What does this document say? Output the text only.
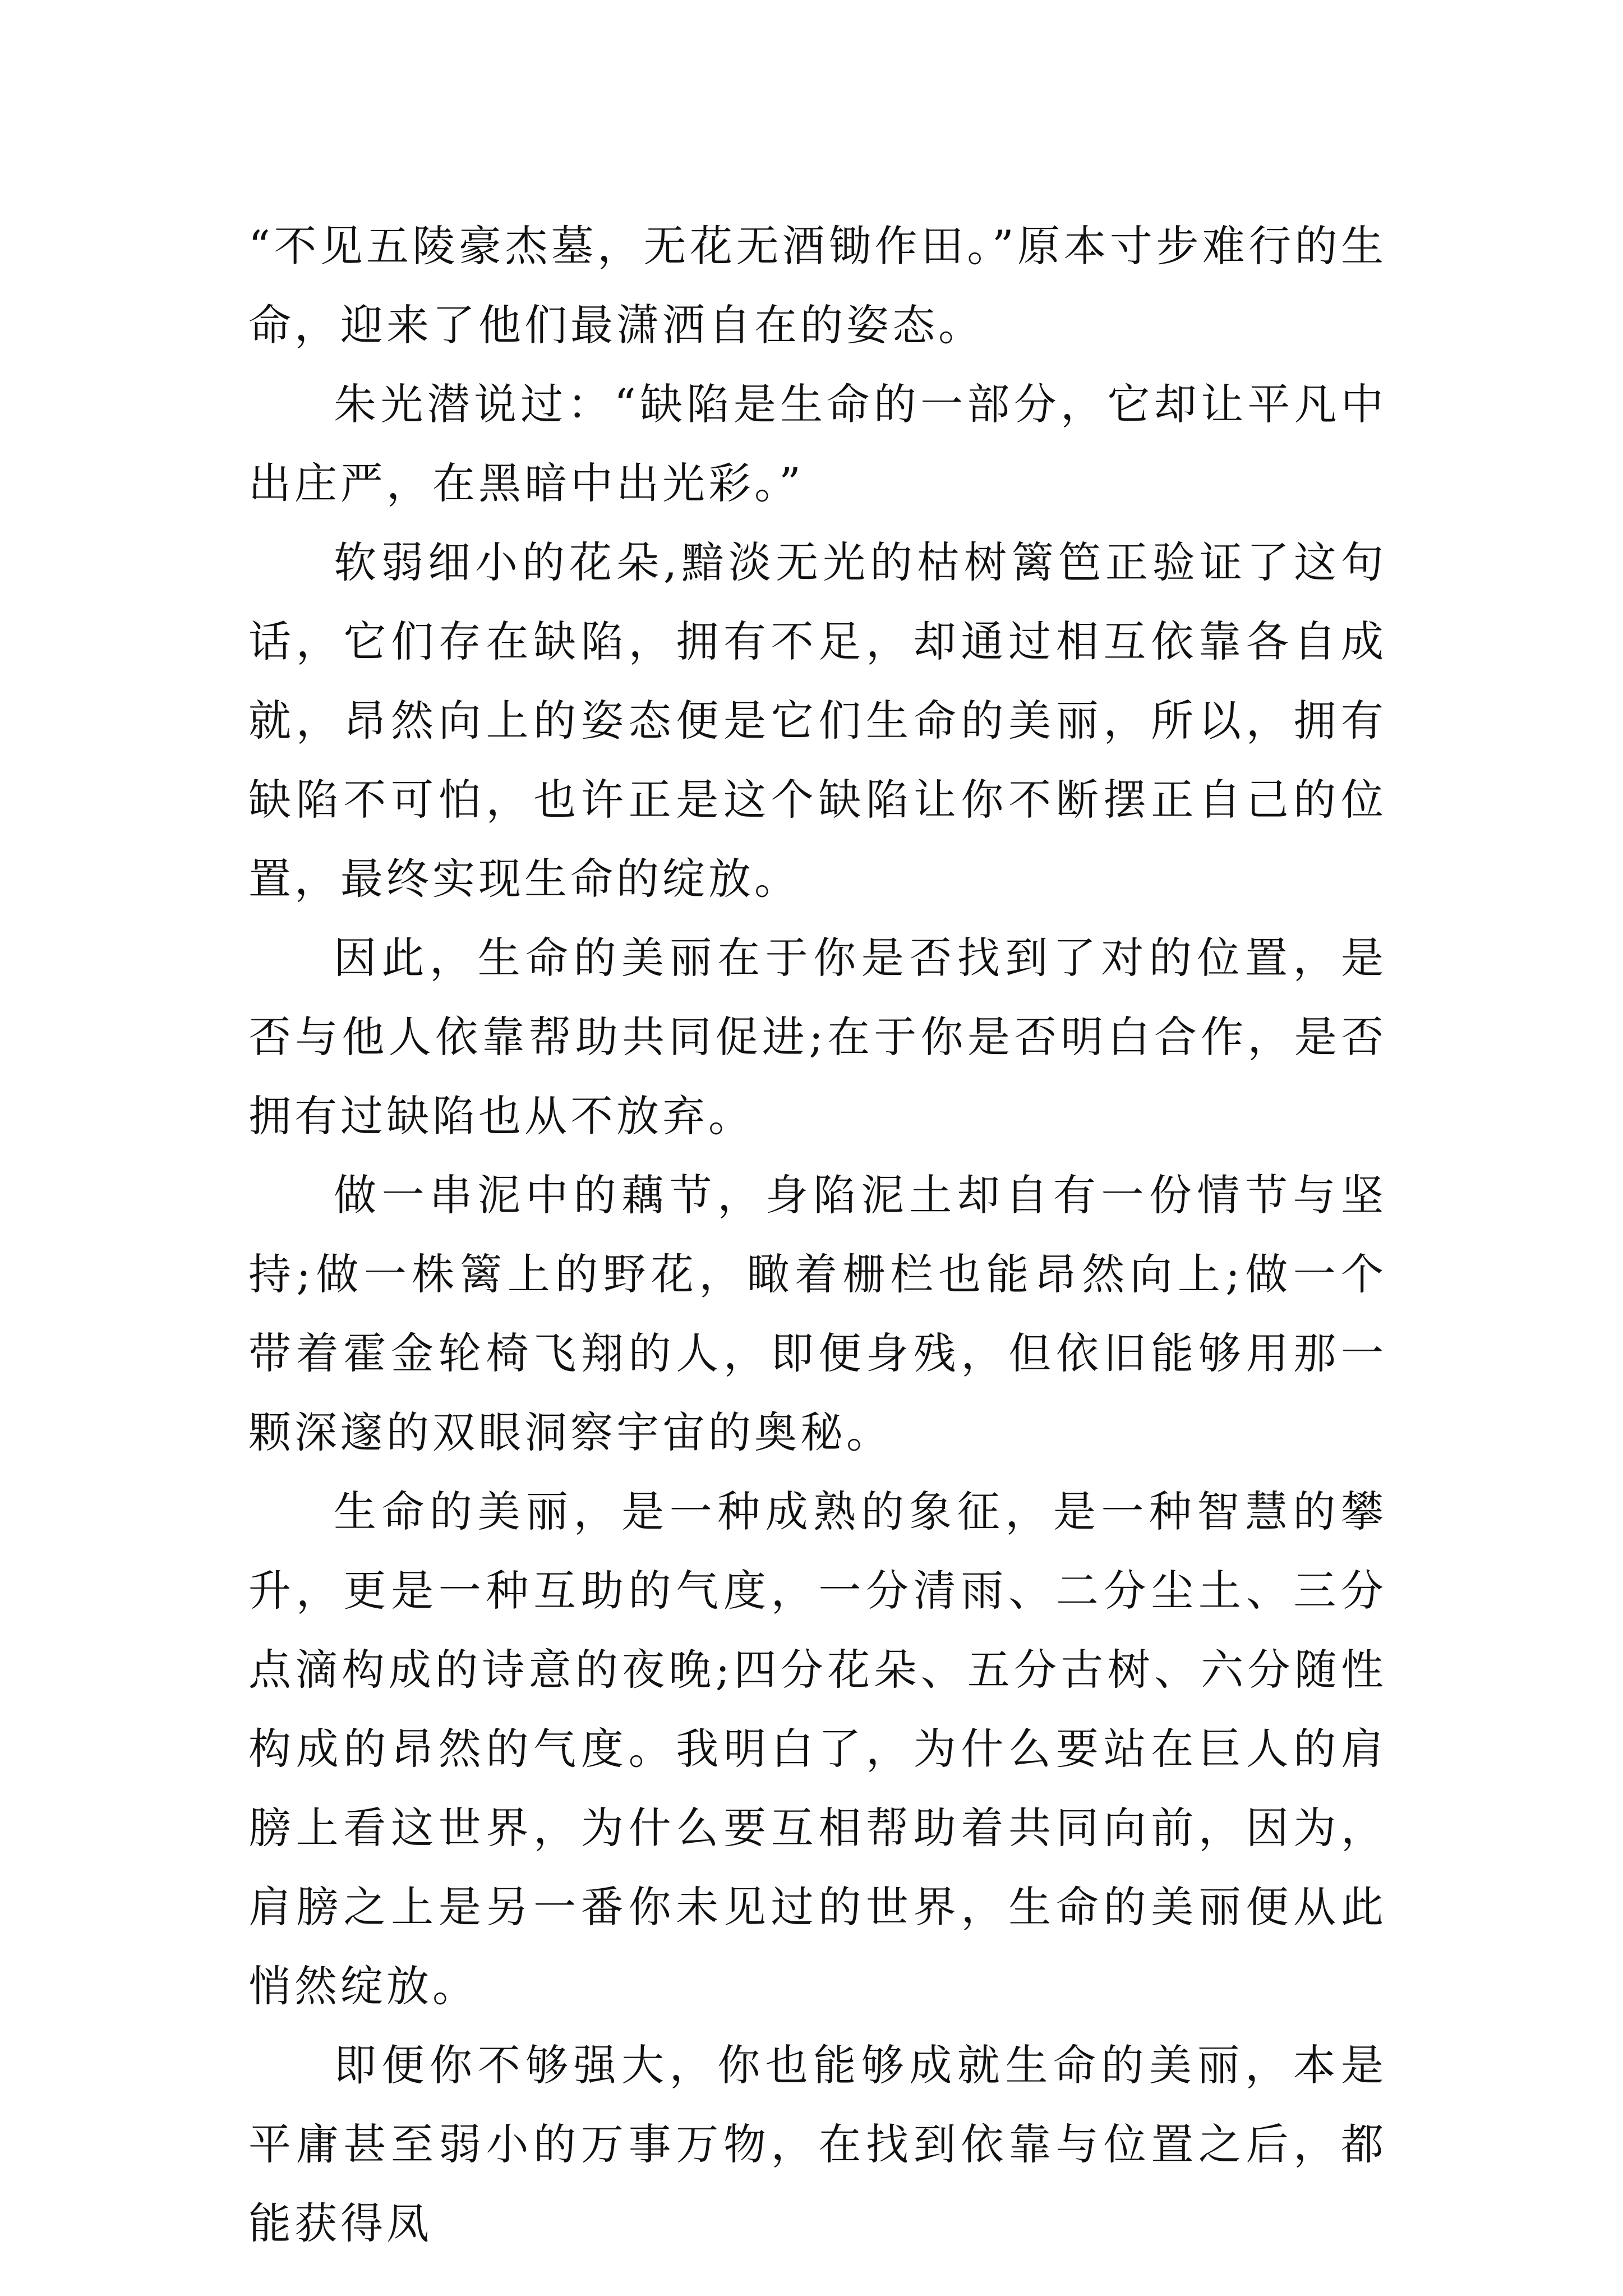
“不见五陵豪杰墓，无花无酒锄作田。”原本寸步难行的生命，迎来了他们最潇洒自在的姿态。

朱光潜说过：“缺陷是生命的一部分，它却让平凡中出庄严，在黑暗中出光彩。”

软弱细小的花朵,黯淡无光的枯树篱笆正验证了这句话，它们存在缺陷，拥有不足，却通过相互依靠各自成就，昂然向上的姿态便是它们生命的美丽，所以，拥有缺陷不可怕，也许正是这个缺陷让你不断摆正自己的位置，最终实现生命的绽放。

因此，生命的美丽在于你是否找到了对的位置，是否与他人依靠帮助共同促进;在于你是否明白合作，是否拥有过缺陷也从不放弃。

做一串泥中的藕节，身陷泥土却自有一份情节与坚持;做一株篱上的野花，瞰着栅栏也能昂然向上;做一个带着霍金轮椅飞翔的人，即便身残，但依旧能够用那一颗深邃的双眼洞察宇宙的奥秘。

生命的美丽，是一种成熟的象征，是一种智慧的攀升，更是一种互助的气度，一分清雨、二分尘土、三分点滴构成的诗意的夜晚;四分花朵、五分古树、六分随性构成的昂然的气度。我明白了，为什么要站在巨人的肩膀上看这世界，为什么要互相帮助着共同向前，因为，肩膀之上是另一番你未见过的世界，生命的美丽便从此悄然绽放。

即便你不够强大，你也能够成就生命的美丽，本是平庸甚至弱小的万事万物，在找到依靠与位置之后，都能获得凤
